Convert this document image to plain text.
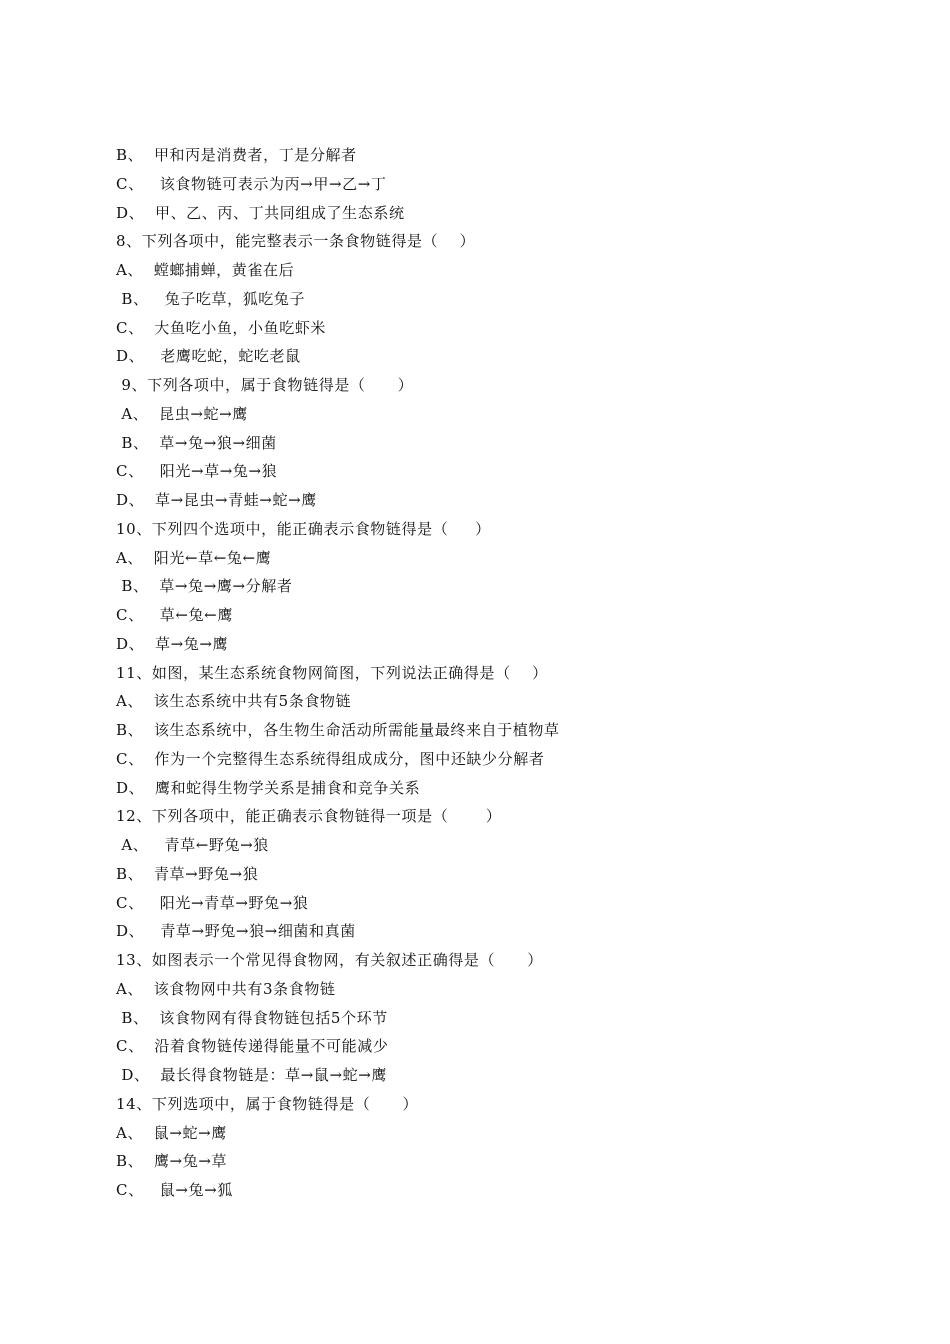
B、  甲和丙是消费者，丁是分解者
C、   该食物链可表示为丙→甲→乙→丁
D、  甲、乙、丙、丁共同组成了生态系统
8、下列各项中，能完整表示一条食物链得是（    ）
A、  螳螂捕蝉，黄雀在后
B、   兔子吃草，狐吃兔子
C、  大鱼吃小鱼，小鱼吃虾米
D、   老鹰吃蛇，蛇吃老鼠
9、下列各项中，属于食物链得是（      ）
A、  昆虫→蛇→鹰
B、  草→兔→狼→细菌
C、   阳光→草→兔→狼
D、  草→昆虫→青蛙→蛇→鹰
10、下列四个选项中，能正确表示食物链得是（     ）
A、  阳光←草←兔←鹰
B、  草→兔→鹰→分解者
C、   草←兔←鹰
D、  草→兔→鹰
11、如图，某生态系统食物网简图，下列说法正确得是（    ）
A、  该生态系统中共有5条食物链
B、  该生态系统中，各生物生命活动所需能量最终来自于植物草
C、  作为一个完整得生态系统得组成成分，图中还缺少分解者
D、  鹰和蛇得生物学关系是捕食和竞争关系
12、下列各项中，能正确表示食物链得一项是（       ）
A、   青草←野兔→狼
B、  青草→野兔→狼
C、   阳光→青草→野兔→狼
D、   青草→野兔→狼→细菌和真菌
13、如图表示一个常见得食物网，有关叙述正确得是（      ）
A、  该食物网中共有3条食物链
B、  该食物网有得食物链包括5个环节
C、  沿着食物链传递得能量不可能减少
D、  最长得食物链是：草→鼠→蛇→鹰
14、下列选项中，属于食物链得是（      ）
A、  鼠→蛇→鹰
B、  鹰→兔→草
C、   鼠→兔→狐
